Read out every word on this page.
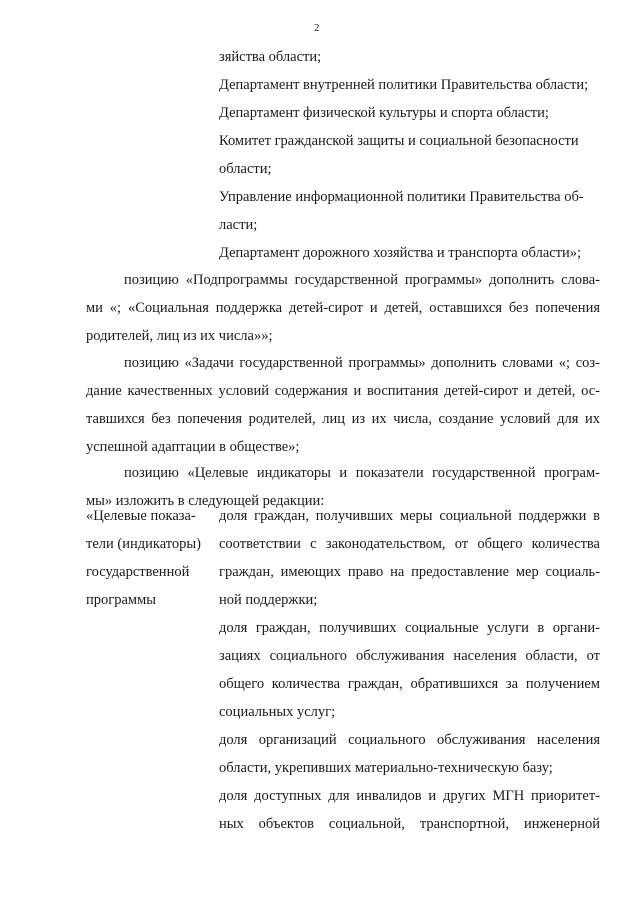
2
зяйства области;
Департамент внутренней политики Правительства области;
Департамент физической культуры и спорта области;
Комитет гражданской защиты и социальной безопасности
области;
Управление информационной политики Правительства об-
ласти;
Департамент дорожного хозяйства и транспорта области»;
позицию «Подпрограммы государственной программы» дополнить слова-
ми «; «Социальная поддержка детей-сирот и детей, оставшихся без попечения
родителей, лиц из их числа»»;
позицию «Задачи государственной программы» дополнить словами «; соз-
дание качественных условий содержания и воспитания детей-сирот и детей, ос-
тавшихся без попечения родителей, лиц из их числа, создание условий для их
успешной адаптации в обществе»;
позицию «Целевые индикаторы и показатели государственной програм-
мы» изложить в следующей редакции:
«Целевые показа-
тели (индикаторы)
государственной
программы
доля граждан, получивших меры социальной поддержки в
соответствии с законодательством, от общего количества
граждан, имеющих право на предоставление мер социаль-
ной поддержки;
доля граждан, получивших социальные услуги в органи-
зациях социального обслуживания населения области, от
общего количества граждан, обратившихся за получением
социальных услуг;
доля организаций социального обслуживания населения
области, укрепивших материально-техническую базу;
доля доступных для инвалидов и других МГН приоритет-
ных объектов социальной, транспортной, инженерной
